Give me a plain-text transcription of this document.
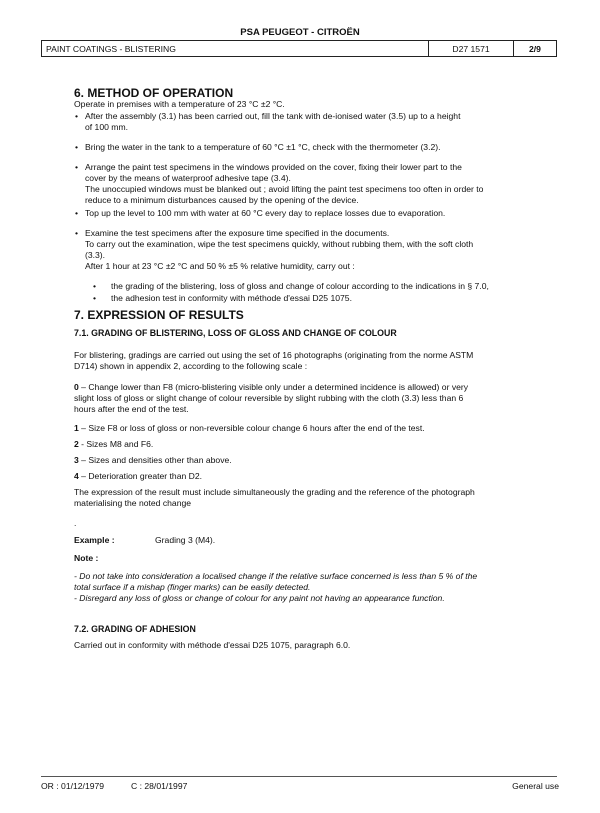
PSA PEUGEOT - CITROËN
PAINT COATINGS - BLISTERING	D27 1571	2/9
6. METHOD OF OPERATION
Operate in premises with a temperature of 23 °C ±2 °C.
• After the assembly (3.1) has been carried out, fill the tank with de-ionised water (3.5) up to a height
of 100 mm.
• Bring the water in the tank to a temperature of 60 °C ±1 °C, check with the thermometer (3.2).
• Arrange the paint test specimens in the windows provided on the cover, fixing their lower part to the
cover by the means of waterproof adhesive tape (3.4).
The unoccupied windows must be blanked out ; avoid lifting the paint test specimens too often in order to
reduce to a minimum disturbances caused by the opening of the device.
• Top up the level to 100 mm with water at 60 °C every day to replace losses due to evaporation.
• Examine the test specimens after the exposure time specified in the documents.
To carry out the examination, wipe the test specimens quickly, without rubbing them, with the soft cloth
(3.3).
After 1 hour at 23 °C ±2 °C and 50 % ±5 % relative humidity, carry out :
• the grading of the blistering, loss of gloss and change of colour according to the indications in § 7.0,
• the adhesion test in conformity with méthode d'essai D25 1075.
7. EXPRESSION OF RESULTS
7.1. GRADING OF BLISTERING, LOSS OF GLOSS AND CHANGE OF COLOUR
For blistering, gradings are carried out using the set of 16 photographs (originating from the norme ASTM
D714) shown in appendix 2, according to the following scale :
0 – Change lower than F8 (micro-blistering visible only under a determined incidence is allowed) or very
slight loss of gloss or slight change of colour reversible by slight rubbing with the cloth (3.3) less than 6
hours after the end of the test.
1 – Size F8 or loss of gloss or non-reversible colour change 6 hours after the end of the test.
2 - Sizes M8 and F6.
3 – Sizes and densities other than above.
4 – Deterioration greater than D2.
The expression of the result must include simultaneously the grading and the reference of the photograph
materialising the noted change
.
Example :	Grading 3 (M4).
Note :
- Do not take into consideration a localised change if the relative surface concerned is less than 5 % of the
total surface if a mishap (finger marks) can be easily detected.
- Disregard any loss of gloss or change of colour for any paint not having an appearance function.
7.2. GRADING OF ADHESION
Carried out in conformity with méthode d'essai D25 1075, paragraph 6.0.
OR : 01/12/1979	C : 28/01/1997	General use
